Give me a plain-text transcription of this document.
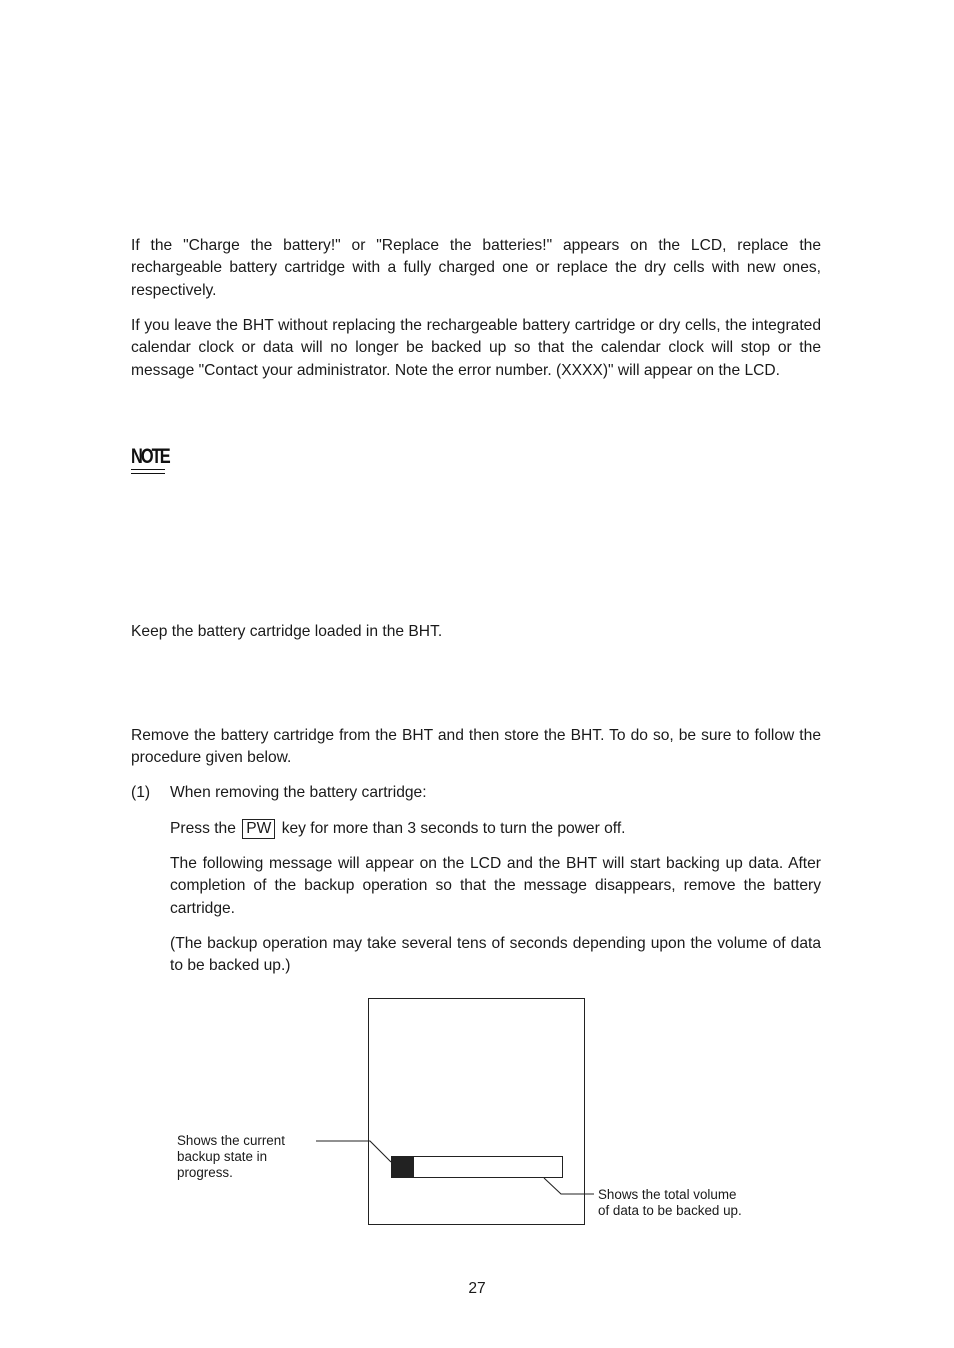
If the "Charge the battery!" or "Replace the batteries!" appears on the LCD, replace the rechargeable battery cartridge with a fully charged one or replace the dry cells with new ones, respectively.

If you leave the BHT without replacing the rechargeable battery cartridge or dry cells, the integrated calendar clock or data will no longer be backed up so that the calendar clock will stop or the message "Contact your administrator. Note the error number. (XXXX)" will appear on the LCD.

NOTE

Keep the battery cartridge loaded in the BHT.

Remove the battery cartridge from the BHT and then store the BHT. To do so, be sure to follow the procedure given below.

(1) When removing the battery cartridge:

Press the PW key for more than 3 seconds to turn the power off.

The following message will appear on the LCD and the BHT will start backing up data. After completion of the backup operation so that the message disappears, remove the battery cartridge.

(The backup operation may take several tens of seconds depending upon the volume of data to be backed up.)

Shows the current
backup state in
progress.
Shows the total volume
of data to be backed up.
27
